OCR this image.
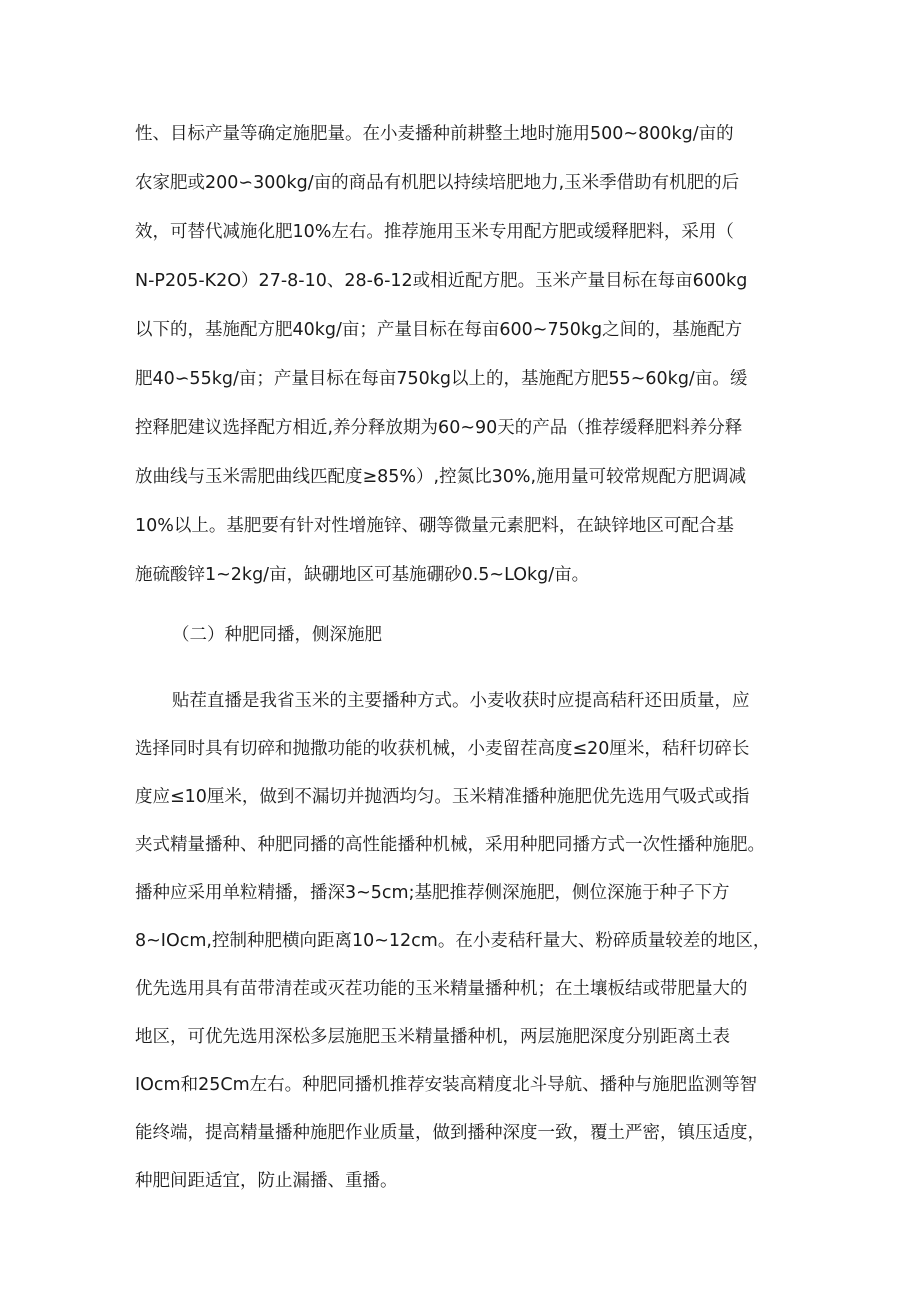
性、目标产量等确定施肥量。在小麦播种前耕整土地时施用500~800kg/亩的
农家肥或200∽300kg/亩的商品有机肥以持续培肥地力,玉米季借助有机肥的后
效，可替代减施化肥10%左右。推荐施用玉米专用配方肥或缓释肥料，采用（
N-P205-K2O）27-8-10、28-6-12或相近配方肥。玉米产量目标在每亩600kg
以下的，基施配方肥40kg/亩；产量目标在每亩600~750kg之间的，基施配方
肥40∽55kg/亩；产量目标在每亩750kg以上的，基施配方肥55~60kg/亩。缓
控释肥建议选择配方相近,养分释放期为60~90天的产品（推荐缓释肥料养分释
放曲线与玉米需肥曲线匹配度≥85%）,控氮比30%,施用量可较常规配方肥调减
10%以上。基肥要有针对性增施锌、硼等微量元素肥料，在缺锌地区可配合基
施硫酸锌1~2kg/亩，缺硼地区可基施硼砂0.5~LOkg/亩。
（二）种肥同播，侧深施肥
贴茬直播是我省玉米的主要播种方式。小麦收获时应提高秸秆还田质量，应
选择同时具有切碎和抛撒功能的收获机械，小麦留茬高度≤20厘米，秸秆切碎长
度应≤10厘米，做到不漏切并抛洒均匀。玉米精准播种施肥优先选用气吸式或指
夹式精量播种、种肥同播的高性能播种机械，采用种肥同播方式一次性播种施肥。
播种应采用单粒精播，播深3~5cm;基肥推荐侧深施肥，侧位深施于种子下方
8~IOcm,控制种肥横向距离10~12cm。在小麦秸秆量大、粉碎质量较差的地区，
优先选用具有苗带清茬或灭茬功能的玉米精量播种机；在土壤板结或带肥量大的
地区，可优先选用深松多层施肥玉米精量播种机，两层施肥深度分别距离土表
IOcm和25Cm左右。种肥同播机推荐安装高精度北斗导航、播种与施肥监测等智
能终端，提高精量播种施肥作业质量，做到播种深度一致，覆土严密，镇压适度，
种肥间距适宜，防止漏播、重播。
